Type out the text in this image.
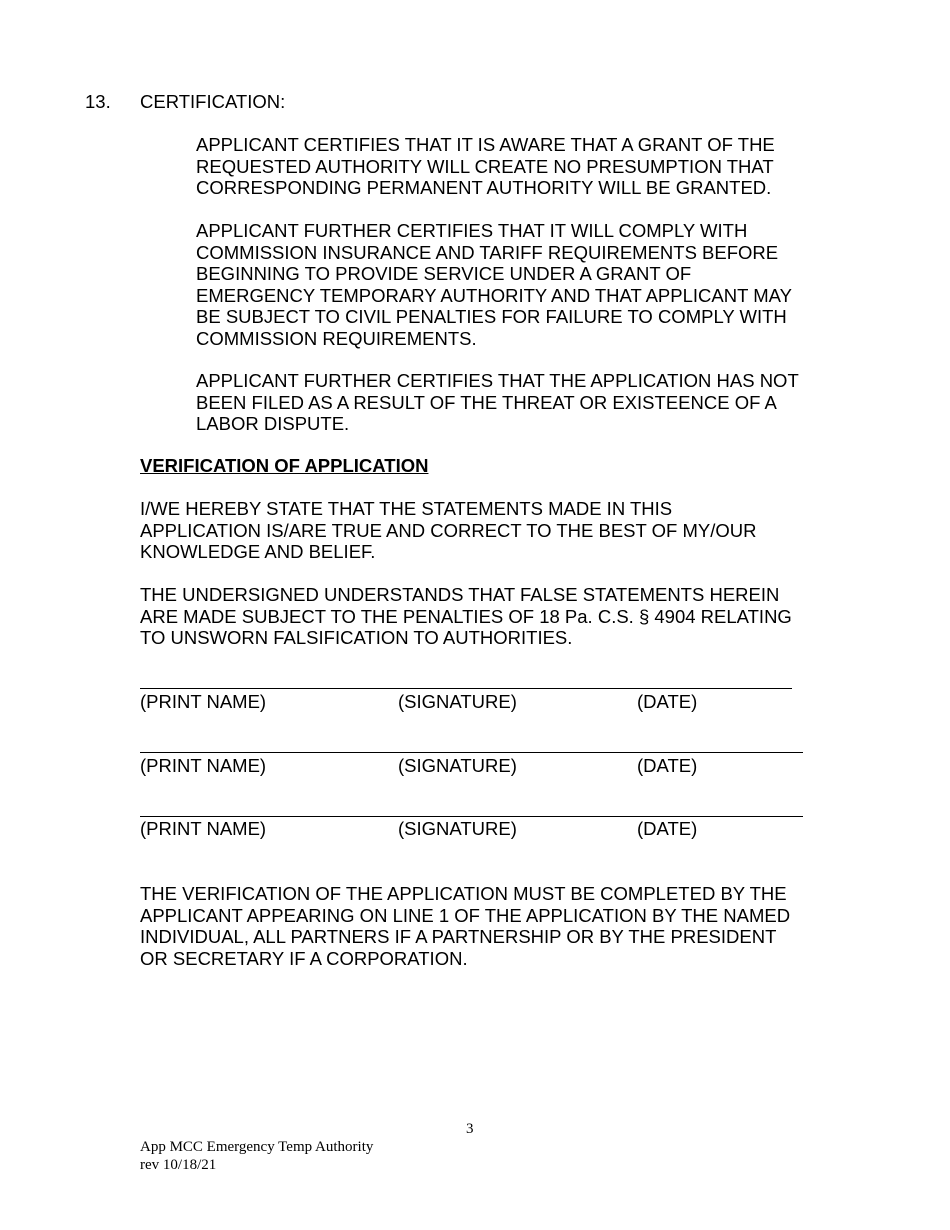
13. CERTIFICATION:
APPLICANT CERTIFIES THAT IT IS AWARE THAT A GRANT OF THE
REQUESTED AUTHORITY WILL CREATE NO PRESUMPTION THAT
CORRESPONDING PERMANENT AUTHORITY WILL BE GRANTED.
APPLICANT FURTHER CERTIFIES THAT IT WILL COMPLY WITH
COMMISSION INSURANCE AND TARIFF REQUIREMENTS BEFORE
BEGINNING TO PROVIDE SERVICE UNDER A GRANT OF
EMERGENCY TEMPORARY AUTHORITY AND THAT APPLICANT MAY
BE SUBJECT TO CIVIL PENALTIES FOR FAILURE TO COMPLY WITH
COMMISSION REQUIREMENTS.
APPLICANT FURTHER CERTIFIES THAT THE APPLICATION HAS NOT
BEEN FILED AS A RESULT OF THE THREAT OR EXISTEENCE OF A
LABOR DISPUTE.
VERIFICATION OF APPLICATION
I/WE HEREBY STATE THAT THE STATEMENTS MADE IN THIS
APPLICATION IS/ARE TRUE AND CORRECT TO THE BEST OF MY/OUR
KNOWLEDGE AND BELIEF.
THE UNDERSIGNED UNDERSTANDS THAT FALSE STATEMENTS HEREIN
ARE MADE SUBJECT TO THE PENALTIES OF 18 Pa. C.S. § 4904 RELATING
TO UNSWORN FALSIFICATION TO AUTHORITIES.
(PRINT NAME)	(SIGNATURE)	(DATE)
(PRINT NAME)	(SIGNATURE)	(DATE)
(PRINT NAME)	(SIGNATURE)	(DATE)
THE VERIFICATION OF THE APPLICATION MUST BE COMPLETED BY THE
APPLICANT APPEARING ON LINE 1 OF THE APPLICATION BY THE NAMED
INDIVIDUAL, ALL PARTNERS IF A PARTNERSHIP OR BY THE PRESIDENT
OR SECRETARY IF A CORPORATION.
3
App MCC Emergency Temp Authority
rev 10/18/21
